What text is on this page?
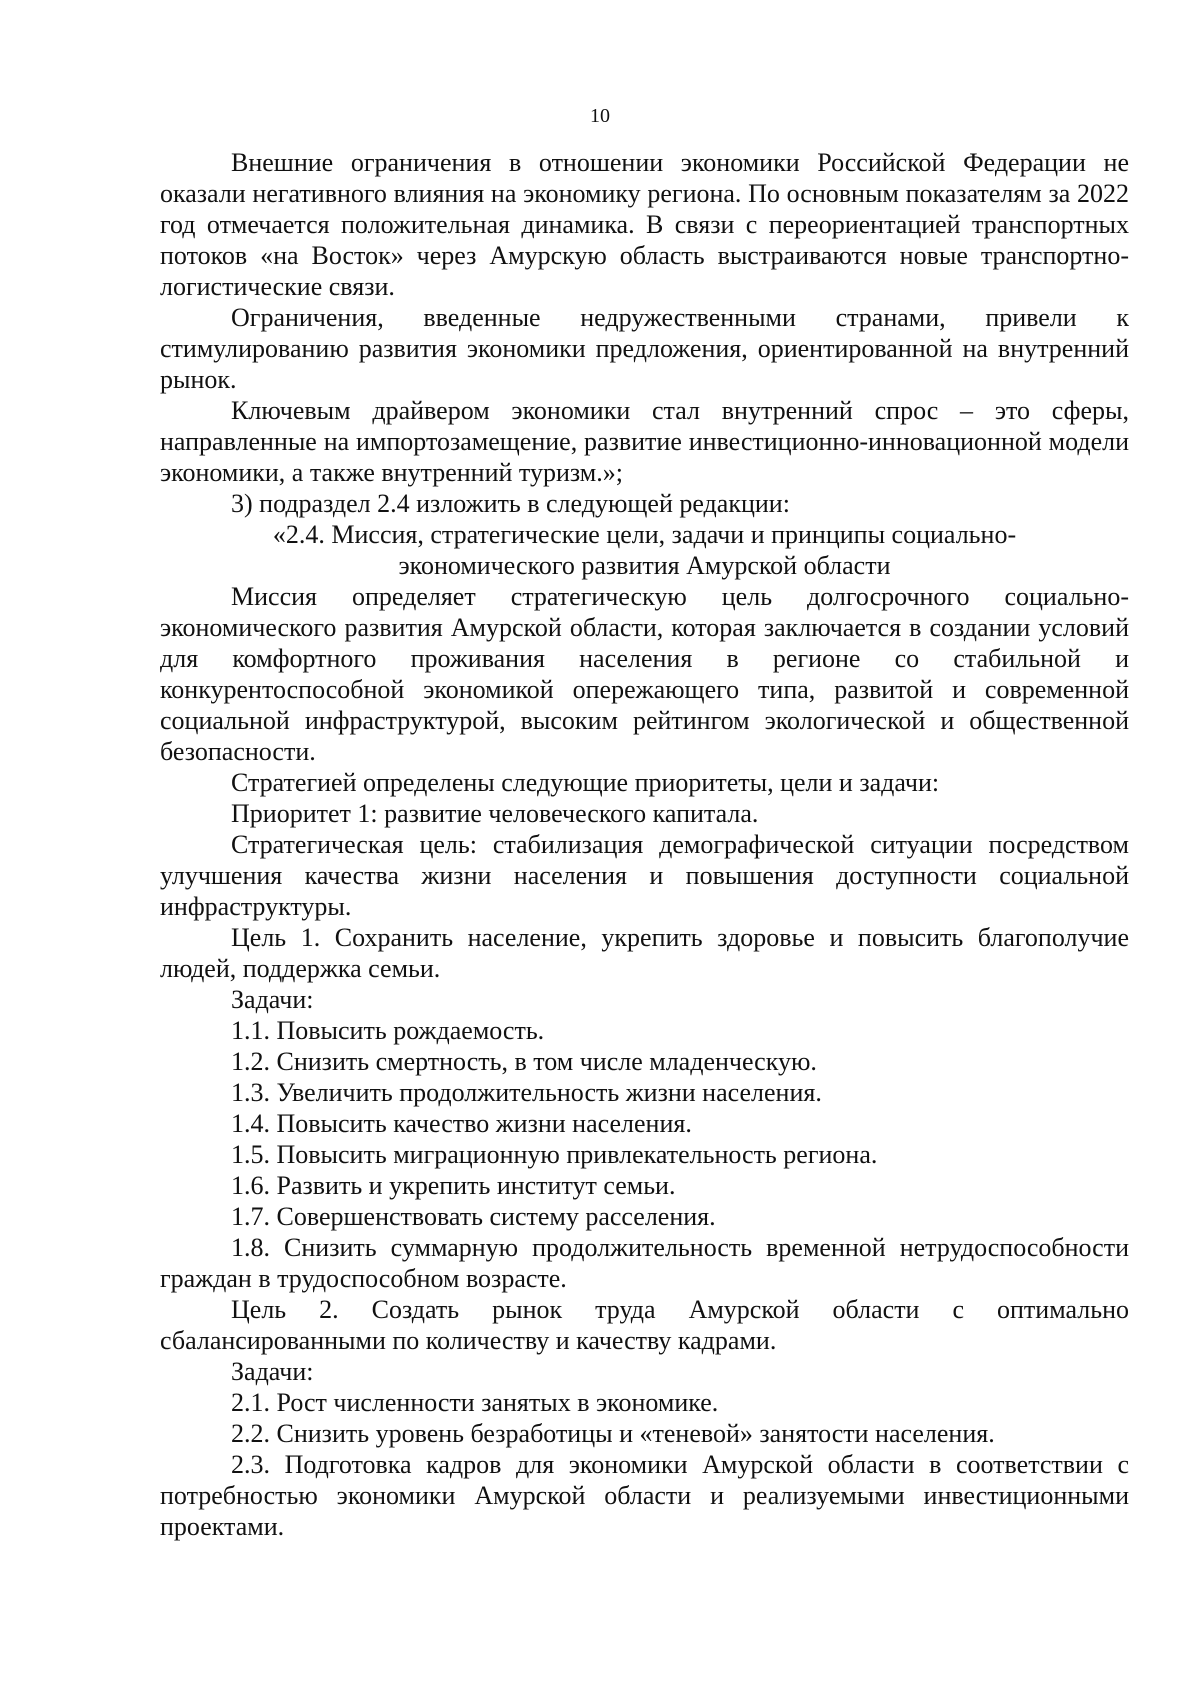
10

Внешние ограничения в отношении экономики Российской Федерации не оказали негативного влияния на экономику региона. По основным показателям за 2022 год отмечается положительная динамика. В связи с переориентацией транспортных потоков «на Восток» через Амурскую область выстраиваются новые транспортно-логистические связи.

Ограничения, введенные недружественными странами, привели к стимулированию развития экономики предложения, ориентированной на внутренний рынок.

Ключевым драйвером экономики стал внутренний спрос – это сферы, направленные на импортозамещение, развитие инвестиционно-инновационной модели экономики, а также внутренний туризм.»;

3) подраздел 2.4 изложить в следующей редакции:

«2.4. Миссия, стратегические цели, задачи и принципы социально-

экономического развития Амурской области

Миссия определяет стратегическую цель долгосрочного социально-экономического развития Амурской области, которая заключается в создании условий для комфортного проживания населения в регионе со стабильной и конкурентоспособной экономикой опережающего типа, развитой и современной социальной инфраструктурой, высоким рейтингом экологической и общественной безопасности.

Стратегией определены следующие приоритеты, цели и задачи:

Приоритет 1: развитие человеческого капитала.

Стратегическая цель: стабилизация демографической ситуации посредством улучшения качества жизни населения и повышения доступности социальной инфраструктуры.

Цель 1. Сохранить население, укрепить здоровье и повысить благополучие людей, поддержка семьи.

Задачи:

1.1. Повысить рождаемость.

1.2. Снизить смертность, в том числе младенческую.

1.3. Увеличить продолжительность жизни населения.

1.4. Повысить качество жизни населения.

1.5. Повысить миграционную привлекательность региона.

1.6. Развить и укрепить институт семьи.

1.7. Совершенствовать систему расселения.

1.8. Снизить суммарную продолжительность временной нетрудоспособности граждан в трудоспособном возрасте.

Цель 2. Создать рынок труда Амурской области с оптимально сбалансированными по количеству и качеству кадрами.

Задачи:

2.1. Рост численности занятых в экономике.

2.2. Снизить уровень безработицы и «теневой» занятости населения.

2.3. Подготовка кадров для экономики Амурской области в соответствии с потребностью экономики Амурской области и реализуемыми инвестиционными проектами.
